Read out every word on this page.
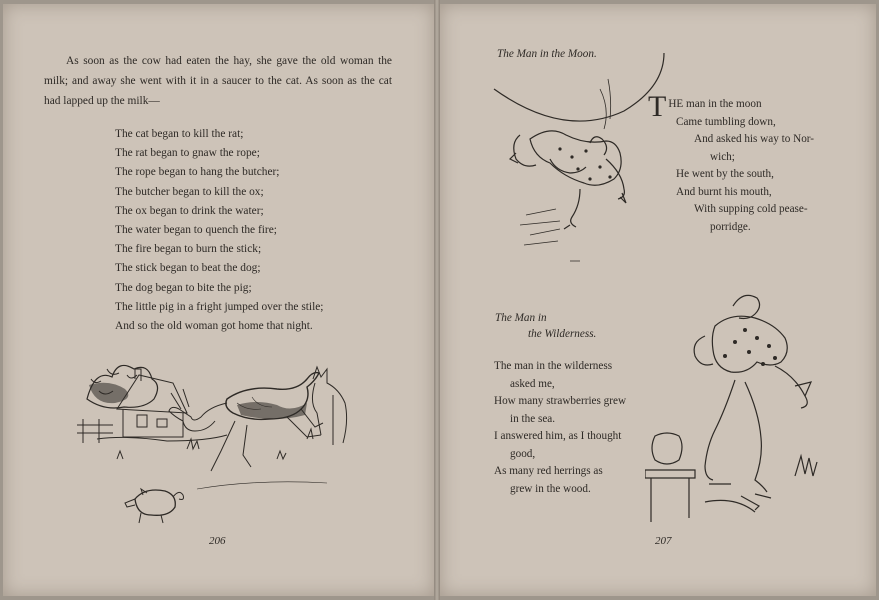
As soon as the cow had eaten the hay, she gave the old woman the milk; and away she went with it in a saucer to the cat. As soon as the cat had lapped up the milk—

The cat began to kill the rat;
The rat began to gnaw the rope;
The rope began to hang the butcher;
The butcher began to kill the ox;
The ox began to drink the water;
The water began to quench the fire;
The fire began to burn the stick;
The stick began to beat the dog;
The dog began to bite the pig;
The little pig in a fright jumped over the stile;
And so the old woman got home that night.
206
The Man in the Moon.
T HE man in the moon
Came tumbling down,
And asked his way to Nor-
wich;
He went by the south,
And burnt his mouth,
With supping cold pease-
porridge.
The Man in
the Wilderness.
The man in the wilderness
asked me,
How many strawberries grew
in the sea.
I answered him, as I thought
good,
As many red herrings as
grew in the wood.
207
